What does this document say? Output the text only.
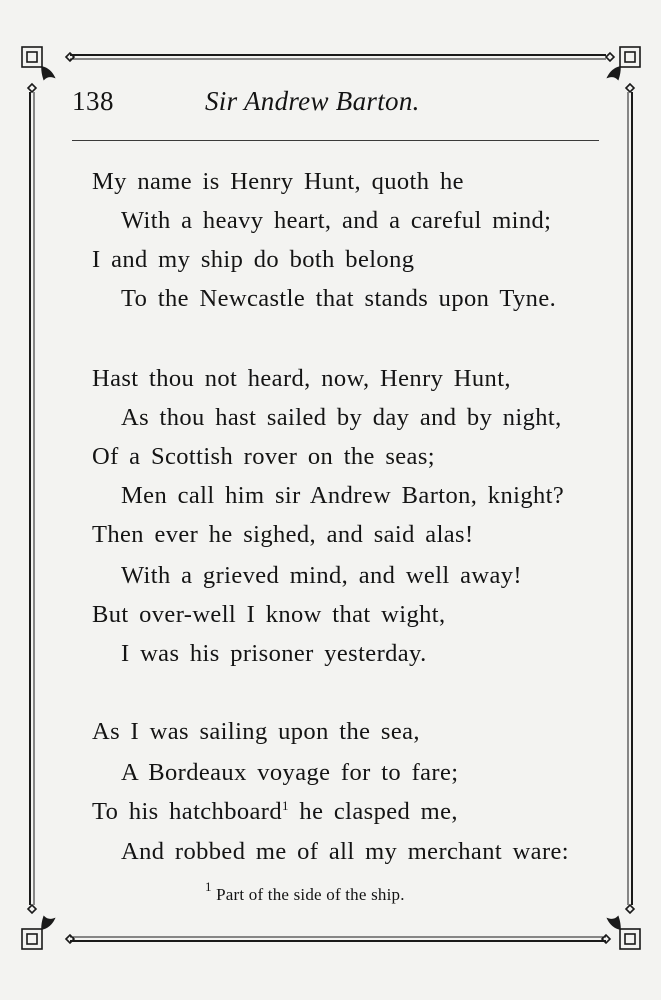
138	Sir Andrew Barton.
My name is Henry Hunt, quoth he
With a heavy heart, and a careful mind;
I and my ship do both belong
To the Newcastle that stands upon Tyne.
Hast thou not heard, now, Henry Hunt,
As thou hast sailed by day and by night,
Of a Scottish rover on the seas;
Men call him sir Andrew Barton, knight?
Then ever he sighed, and said alas!
With a grieved mind, and well away!
But over-well I know that wight,
I was his prisoner yesterday.
As I was sailing upon the sea,
A Bordeaux voyage for to fare;
To his hatchboard$^1$ he clasped me,
And robbed me of all my merchant ware:
$^1$ Part of the side of the ship.
